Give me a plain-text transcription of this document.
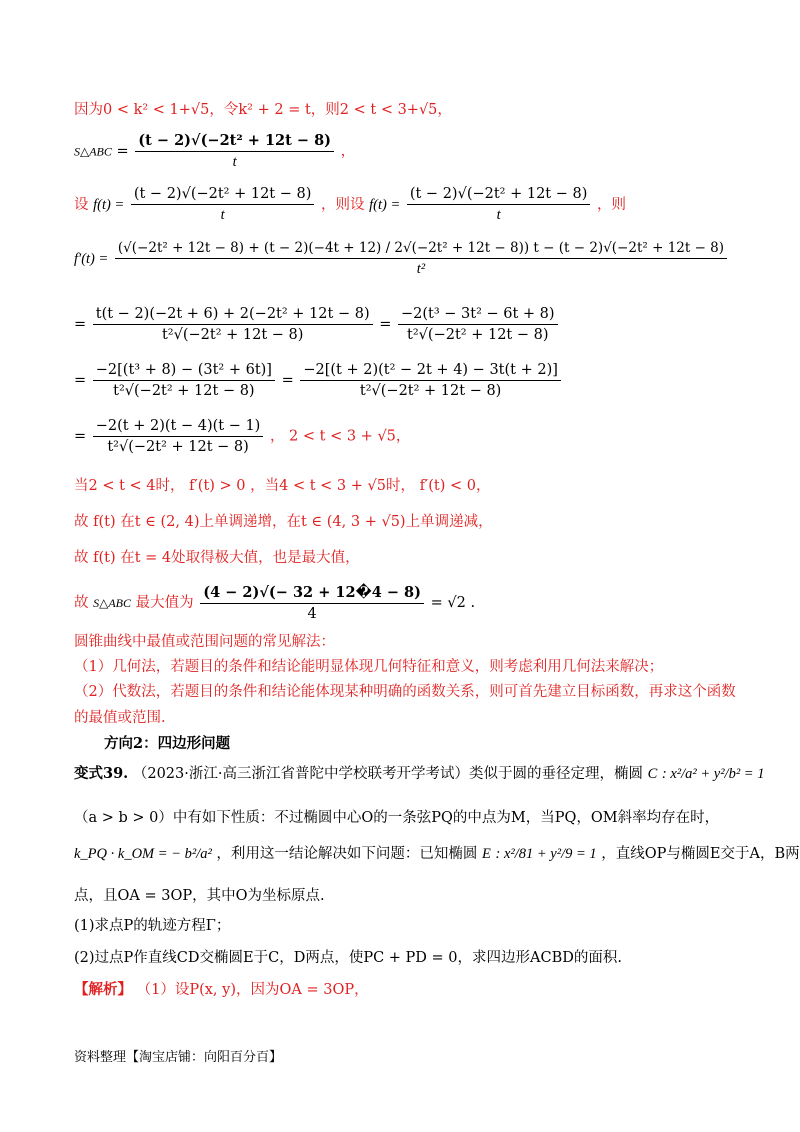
因为0 < k² < 1+√5，令k² + 2 = t，则2 < t < 3+√5，
S△ABC = $\frac{\text{(t − 2)√(−2t² + 12t − 8)}}{t}$ ，
设 $f(t) = \frac{\text{(t − 2)√(−2t² + 12t − 8)}}{t}$ ，则设 $f(t) = \frac{\text{(t − 2)√(−2t² + 12t − 8)}}{t}$ ，则
f′(t) =
(√(−2t² + 12t − 8) + (t − 2)(−4t + 12) / 2√(−2t² + 12t − 8)) t − (t − 2)√(−2t² + 12t − 8)
t²
= $\frac{\text{t(t − 2)(−2t + 6) + 2(−2t² + 12t − 8)}}{\text{t²√(−2t² + 12t − 8)}} = \frac{\text{−2(t³ − 3t² − 6t + 8)}}{\text{t²√(−2t² + 12t − 8)}}$
= $\frac{\text{−2[(t³ + 8) − (3t² + 6t)]}}{\text{t²√(−2t² + 12t − 8)}} = \frac{\text{−2[(t + 2)(t² − 2t + 4) − 3t(t + 2)]}}{\text{t²√(−2t² + 12t − 8)}}$
= $\frac{-2(t + 2)(t - 4)(t - 1)}{\text{t²√(−2t² + 12t − 8)}}$ ， 2 < t < 3 + √5，
当2 < t < 4时， f′(t) > 0 ，当4 < t < 3 + √5时， f′(t) < 0，
故 f(t) 在t ∈ (2, 4)上单调递增，在t ∈ (4, 3 + √5)上单调递减，
故 f(t) 在t = 4处取得极大值，也是最大值，
故 S△ABC 最大值为 $\frac{(4 - 2)√(- 32 + 12�4 - 8)}{4} = √2$ .
圆锥曲线中最值或范围问题的常见解法：
（1）几何法，若题目的条件和结论能明显体现几何特征和意义，则考虑利用几何法来解决；
（2）代数法，若题目的条件和结论能体现某种明确的函数关系，则可首先建立目标函数，再求这个函数
的最值或范围.
方向2：四边形问题
变式39. （2023·浙江·高三浙江省普陀中学校联考开学考试）类似于圆的垂径定理，椭圆 C : x²/a² + y²/b² = 1
（a > b > 0）中有如下性质：不过椭圆中心O的一条弦PQ的中点为M，当PQ，OM斜率均存在时，
k_PQ · k_OM = − b²/a² ，利用这一结论解决如下问题：已知椭圆 E : x²/81 + y²/9 = 1 ，直线OP与椭圆E交于A，B两
点，且OA = 3OP，其中O为坐标原点.
(1)求点P的轨迹方程Γ；
(2)过点P作直线CD交椭圆E于C，D两点，使PC + PD = 0，求四边形ACBD的面积.
【解析】 （1）设P(x, y)，因为OA = 3OP，
资料整理【淘宝店铺：向阳百分百】
